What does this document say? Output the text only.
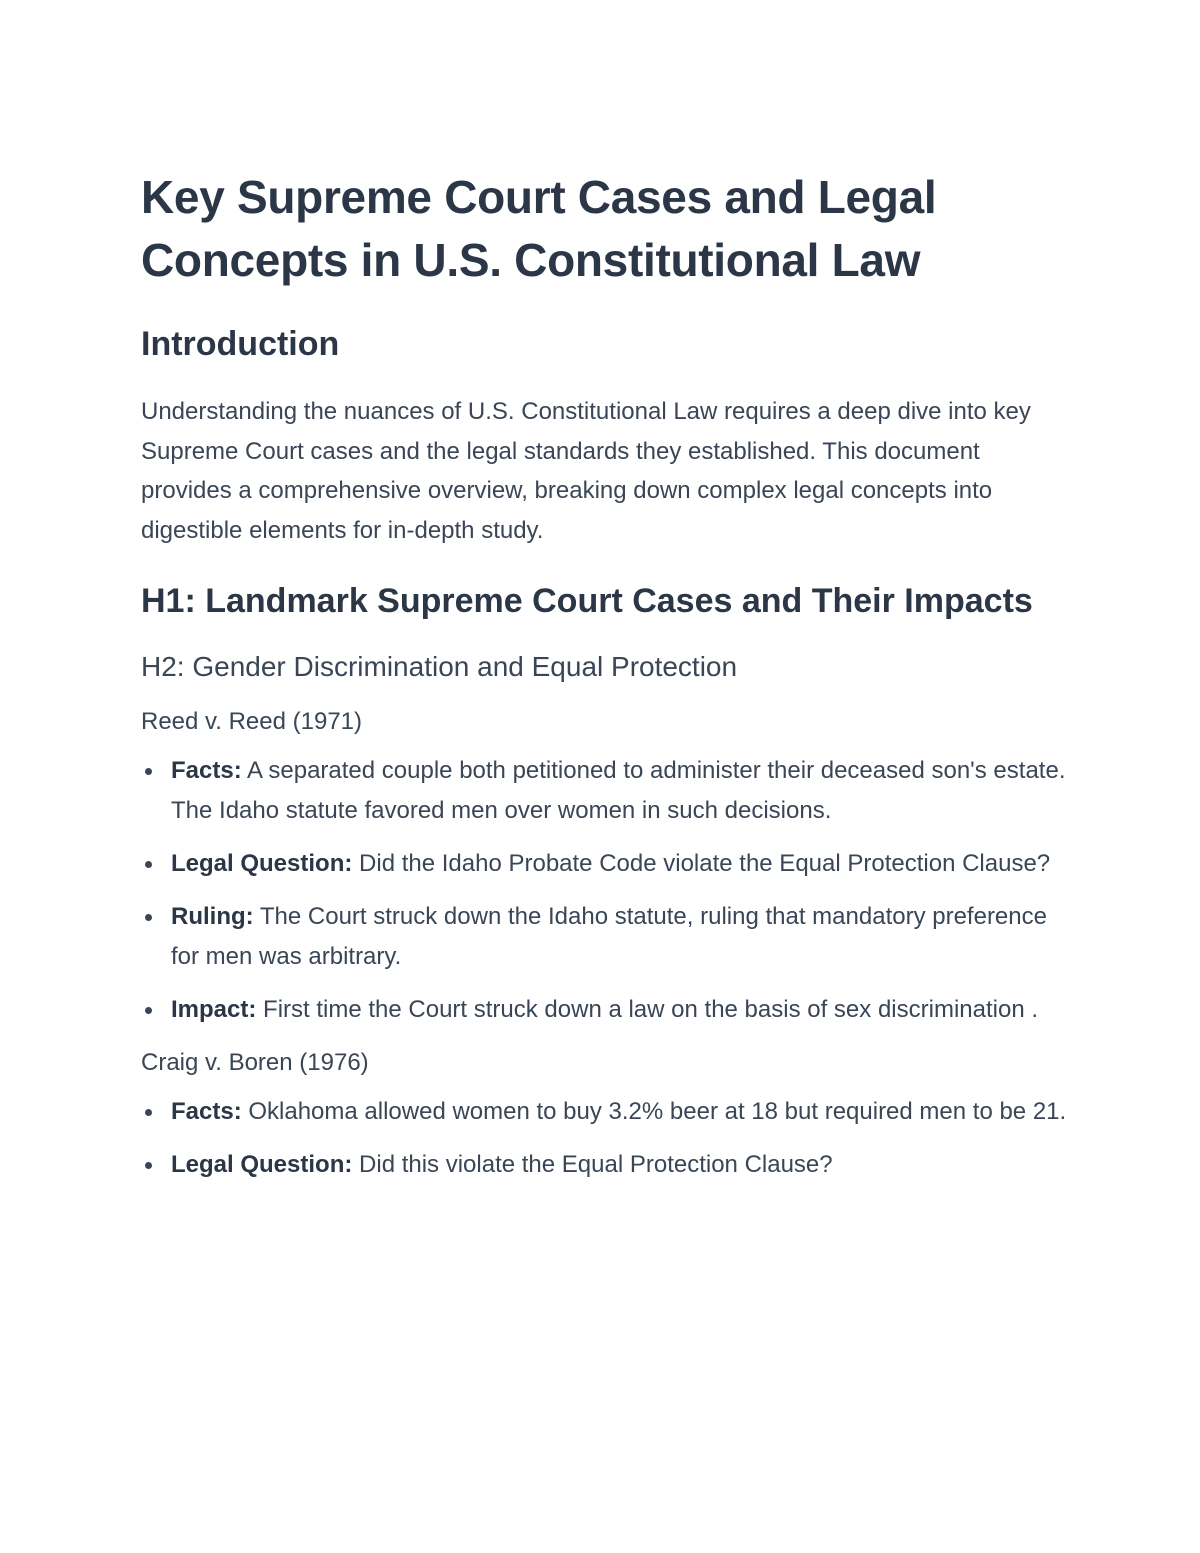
Key Supreme Court Cases and Legal Concepts in U.S. Constitutional Law
Introduction

Understanding the nuances of U.S. Constitutional Law requires a deep dive into key Supreme Court cases and the legal standards they established. This document provides a comprehensive overview, breaking down complex legal concepts into digestible elements for in-depth study.

H1: Landmark Supreme Court Cases and Their Impacts
H2: Gender Discrimination and Equal Protection
Reed v. Reed (1971)
Facts: A separated couple both petitioned to administer their deceased son's estate. The Idaho statute favored men over women in such decisions.
Legal Question: Did the Idaho Probate Code violate the Equal Protection Clause?
Ruling: The Court struck down the Idaho statute, ruling that mandatory preference for men was arbitrary.
Impact: First time the Court struck down a law on the basis of sex discrimination .
Craig v. Boren (1976)
Facts: Oklahoma allowed women to buy 3.2% beer at 18 but required men to be 21.
Legal Question: Did this violate the Equal Protection Clause?
